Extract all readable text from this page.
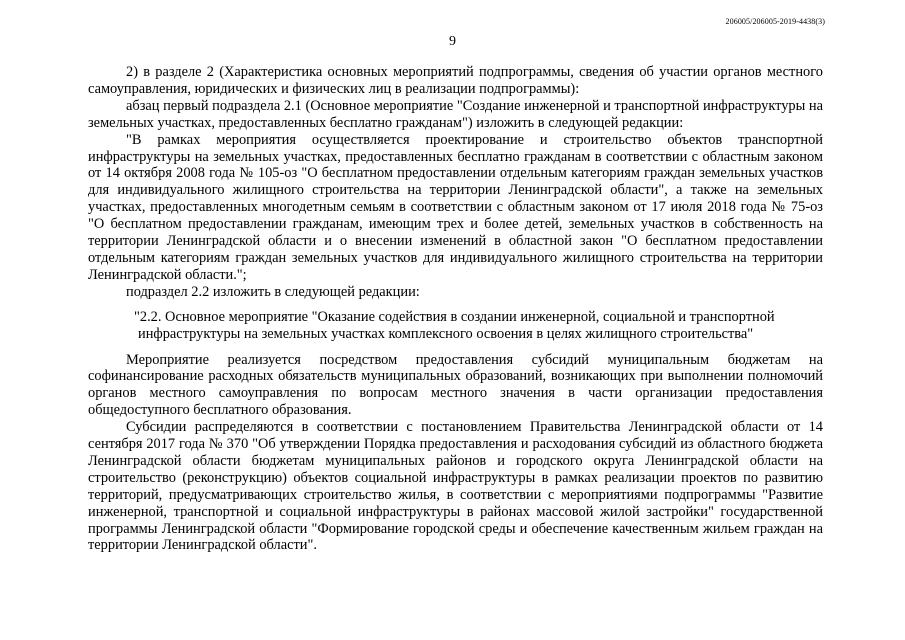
206005/206005-2019-4438(3)
9

2) в разделе 2 (Характеристика основных мероприятий подпрограммы, сведения об участии органов местного самоуправления, юридических и физических лиц в реализации подпрограммы):

абзац первый подраздела 2.1 (Основное мероприятие "Создание инженерной и транспортной инфраструктуры на земельных участках, предоставленных бесплатно гражданам") изложить в следующей редакции:

"В рамках мероприятия осуществляется проектирование и строительство объектов транспортной инфраструктуры на земельных участках, предоставленных бесплатно гражданам в соответствии с областным законом от 14 октября 2008 года № 105-оз "О бесплатном предоставлении отдельным категориям граждан земельных участков для индивидуального жилищного строительства на территории Ленинградской области", а также на земельных участках, предоставленных многодетным семьям в соответствии с областным законом от 17 июля 2018 года № 75-оз "О бесплатном предоставлении гражданам, имеющим трех и более детей, земельных участков в собственность на территории Ленинградской области и о внесении изменений в областной закон "О бесплатном предоставлении отдельным категориям граждан земельных участков для индивидуального жилищного строительства на территории Ленинградской области.";

подраздел 2.2 изложить в следующей редакции:

"2.2. Основное мероприятие "Оказание содействия в создании инженерной, социальной и транспортной
инфраструктуры на земельных участках комплексного освоения в целях жилищного строительства"

Мероприятие реализуется посредством предоставления субсидий муниципальным бюджетам на софинансирование расходных обязательств муниципальных образований, возникающих при выполнении полномочий органов местного самоуправления по вопросам местного значения в части организации предоставления общедоступного бесплатного образования.

Субсидии распределяются в соответствии с постановлением Правительства Ленинградской области от 14 сентября 2017 года № 370 "Об утверждении Порядка предоставления и расходования субсидий из областного бюджета Ленинградской области бюджетам муниципальных районов и городского округа Ленинградской области на строительство (реконструкцию) объектов социальной инфраструктуры в рамках реализации проектов по развитию территорий, предусматривающих строительство жилья, в соответствии с мероприятиями подпрограммы "Развитие инженерной, транспортной и социальной инфраструктуры в районах массовой жилой застройки" государственной программы Ленинградской области "Формирование городской среды и обеспечение качественным жильем граждан на территории Ленинградской области".
